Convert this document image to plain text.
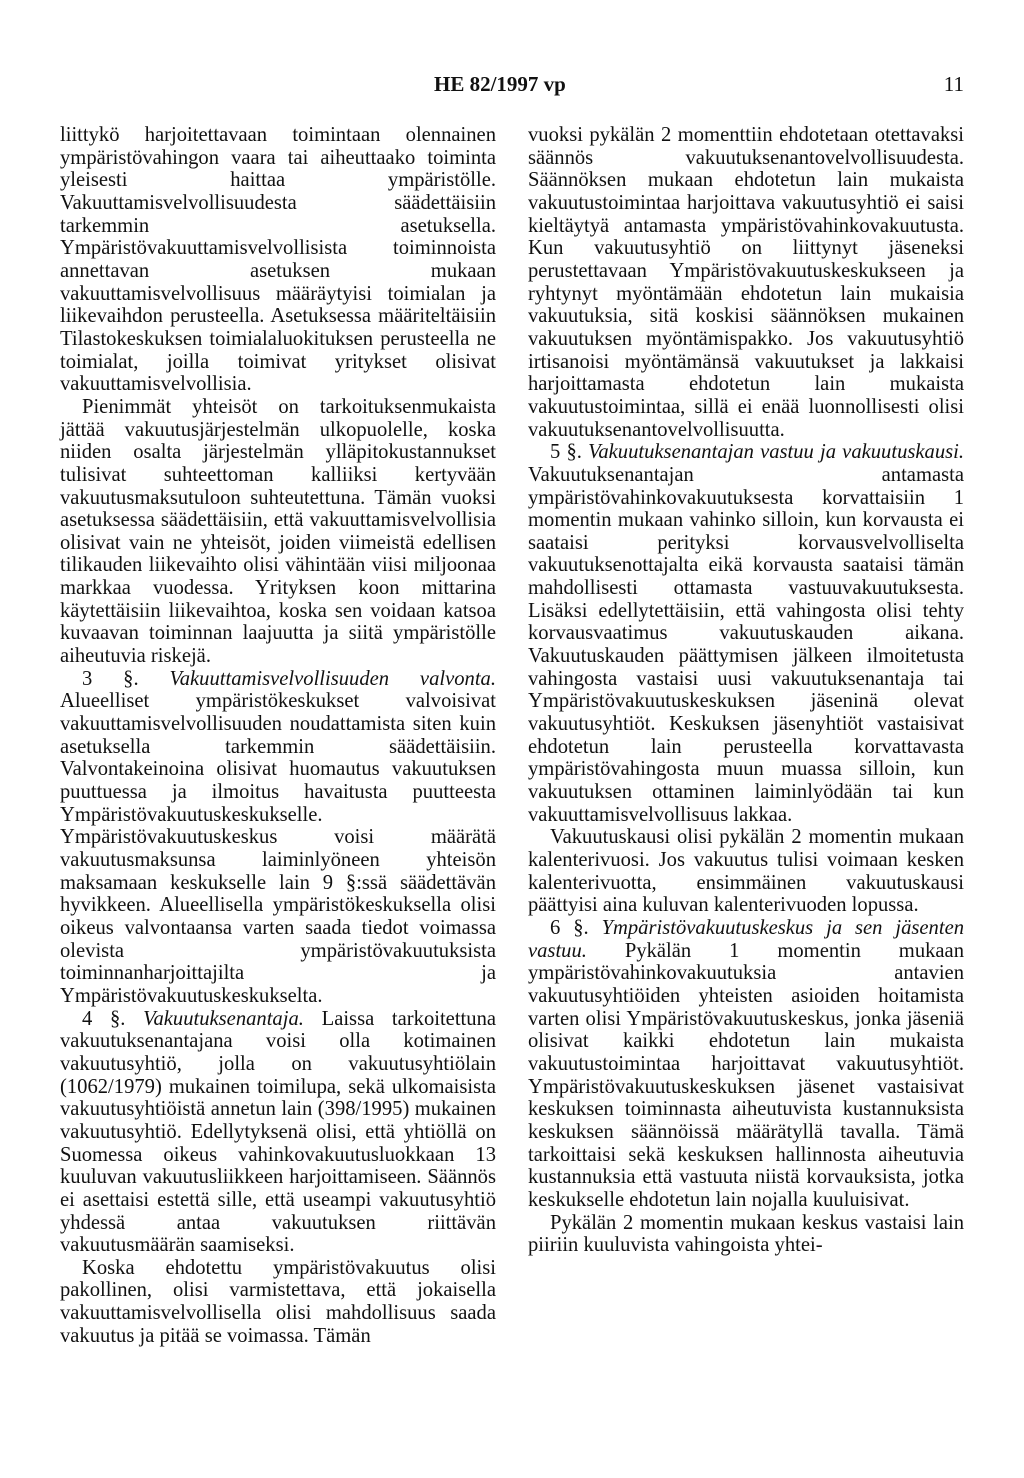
HE 82/1997 vp	11

liittykö harjoitettavaan toimintaan olennainen ympäristövahingon vaara tai aiheuttaako toiminta yleisesti haittaa ympäristölle. Vakuuttamisvelvollisuudesta säädettäisiin tarkemmin asetuksella. Ympäristövakuuttamisvelvollisista toiminnoista annettavan asetuksen mukaan vakuuttamisvelvollisuus määräytyisi toimialan ja liikevaihdon perusteella. Asetuksessa määriteltäisiin Tilastokeskuksen toimialaluokituksen perusteella ne toimialat, joilla toimivat yritykset olisivat vakuuttamisvelvollisia.

Pienimmät yhteisöt on tarkoituksenmukaista jättää vakuutusjärjestelmän ulkopuolelle, koska niiden osalta järjestelmän ylläpitokustannukset tulisivat suhteettoman kalliiksi kertyvään vakuutusmaksutuloon suhteutettuna. Tämän vuoksi asetuksessa säädettäisiin, että vakuuttamisvelvollisia olisivat vain ne yhteisöt, joiden viimeistä edellisen tilikauden liikevaihto olisi vähintään viisi miljoonaa markkaa vuodessa. Yrityksen koon mittarina käytettäisiin liikevaihtoa, koska sen voidaan katsoa kuvaavan toiminnan laajuutta ja siitä ympäristölle aiheutuvia riskejä.

3 §. Vakuuttamisvelvollisuuden valvonta. Alueelliset ympäristökeskukset valvoisivat vakuuttamisvelvollisuuden noudattamista siten kuin asetuksella tarkemmin säädettäisiin. Valvontakeinoina olisivat huomautus vakuutuksen puuttuessa ja ilmoitus havaitusta puutteesta Ympäristövakuutuskeskukselle. Ympäristövakuutuskeskus voisi määrätä vakuutusmaksunsa laiminlyöneen yhteisön maksamaan keskukselle lain 9 §:ssä säädettävän hyvikkeen. Alueellisella ympäristökeskuksella olisi oikeus valvontaansa varten saada tiedot voimassa olevista ympäristövakuutuksista toiminnanharjoittajilta ja Ympäristövakuutuskeskukselta.

4 §. Vakuutuksenantaja. Laissa tarkoitettuna vakuutuksenantajana voisi olla kotimainen vakuutusyhtiö, jolla on vakuutusyhtiölain (1062/1979) mukainen toimilupa, sekä ulkomaisista vakuutusyhtiöistä annetun lain (398/1995) mukainen vakuutusyhtiö. Edellytyksenä olisi, että yhtiöllä on Suomessa oikeus vahinkovakuutusluokkaan 13 kuuluvan vakuutusliikkeen harjoittamiseen. Säännös ei asettaisi estettä sille, että useampi vakuutusyhtiö yhdessä antaa vakuutuksen riittävän vakuutusmäärän saamiseksi.

Koska ehdotettu ympäristövakuutus olisi pakollinen, olisi varmistettava, että jokaisella vakuuttamisvelvollisella olisi mahdollisuus saada vakuutus ja pitää se voimassa. Tämän

vuoksi pykälän 2 momenttiin ehdotetaan otettavaksi säännös vakuutuksenantovelvollisuudesta. Säännöksen mukaan ehdotetun lain mukaista vakuutustoimintaa harjoittava vakuutusyhtiö ei saisi kieltäytyä antamasta ympäristövahinkovakuutusta. Kun vakuutusyhtiö on liittynyt jäseneksi perustettavaan Ympäristövakuutuskeskukseen ja ryhtynyt myöntämään ehdotetun lain mukaisia vakuutuksia, sitä koskisi säännöksen mukainen vakuutuksen myöntämispakko. Jos vakuutusyhtiö irtisanoisi myöntämänsä vakuutukset ja lakkaisi harjoittamasta ehdotetun lain mukaista vakuutustoimintaa, sillä ei enää luonnollisesti olisi vakuutuksenantovelvollisuutta.

5 §. Vakuutuksenantajan vastuu ja vakuutuskausi. Vakuutuksenantajan antamasta ympäristövahinkovakuutuksesta korvattaisiin 1 momentin mukaan vahinko silloin, kun korvausta ei saataisi perityksi korvausvelvolliselta vakuutuksenottajalta eikä korvausta saataisi tämän mahdollisesti ottamasta vastuuvakuutuksesta. Lisäksi edellytettäisiin, että vahingosta olisi tehty korvausvaatimus vakuutuskauden aikana. Vakuutuskauden päättymisen jälkeen ilmoitetusta vahingosta vastaisi uusi vakuutuksenantaja tai Ympäristövakuutuskeskuksen jäseninä olevat vakuutusyhtiöt. Keskuksen jäsenyhtiöt vastaisivat ehdotetun lain perusteella korvattavasta ympäristövahingosta muun muassa silloin, kun vakuutuksen ottaminen laiminlyödään tai kun vakuuttamisvelvollisuus lakkaa.

Vakuutuskausi olisi pykälän 2 momentin mukaan kalenterivuosi. Jos vakuutus tulisi voimaan kesken kalenterivuotta, ensimmäinen vakuutuskausi päättyisi aina kuluvan kalenterivuoden lopussa.

6 §. Ympäristövakuutuskeskus ja sen jäsenten vastuu. Pykälän 1 momentin mukaan ympäristövahinkovakuutuksia antavien vakuutusyhtiöiden yhteisten asioiden hoitamista varten olisi Ympäristövakuutuskeskus, jonka jäseniä olisivat kaikki ehdotetun lain mukaista vakuutustoimintaa harjoittavat vakuutusyhtiöt. Ympäristövakuutuskeskuksen jäsenet vastaisivat keskuksen toiminnasta aiheutuvista kustannuksista keskuksen säännöissä määrätyllä tavalla. Tämä tarkoittaisi sekä keskuksen hallinnosta aiheutuvia kustannuksia että vastuuta niistä korvauksista, jotka keskukselle ehdotetun lain nojalla kuuluisivat.

Pykälän 2 momentin mukaan keskus vastaisi lain piiriin kuuluvista vahingoista yhtei-
